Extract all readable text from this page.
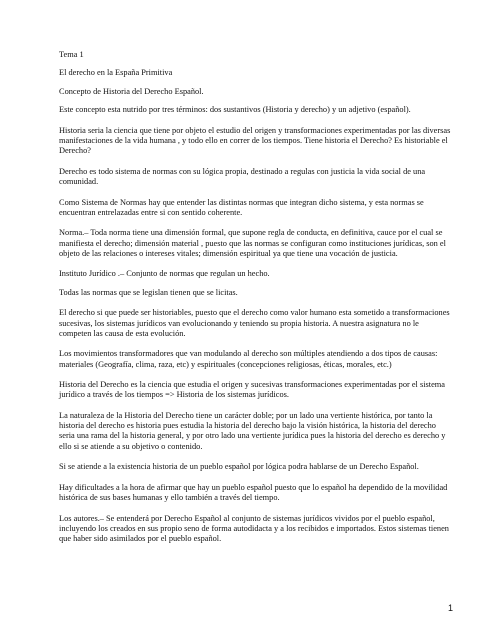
Tema 1

El derecho en la España Primitiva

Concepto de Historia del Derecho Español.

Este concepto esta nutrido por tres términos: dos sustantivos (Historia y derecho) y un adjetivo (español).

Historia seria la ciencia que tiene por objeto el estudio del origen y transformaciones experimentadas por las diversas manifestaciones de la vida humana , y todo ello en correr de los tiempos. Tiene historia el Derecho? Es historiable el Derecho?

Derecho es todo sistema de normas con su lógica propia, destinado a regulas con justicia la vida social de una comunidad.

Como Sistema de Normas hay que entender las distintas normas que integran dicho sistema, y esta normas se encuentran entrelazadas entre si con sentido coherente.

Norma.– Toda norma tiene una dimensión formal, que supone regla de conducta, en definitiva, cauce por el cual se manifiesta el derecho; dimensión material , puesto que las normas se configuran como instituciones jurídicas, son el objeto de las relaciones o intereses vitales; dimensión espiritual ya que tiene una vocación de justicia.

Instituto Jurídico .– Conjunto de normas que regulan un hecho.

Todas las normas que se legislan tienen que se licitas.

El derecho si que puede ser historiables, puesto que el derecho como valor humano esta sometido a transformaciones sucesivas, los sistemas jurídicos van evolucionando y teniendo su propia historia. A nuestra asignatura no le competen las causa de esta evolución.

Los movimientos transformadores que van modulando al derecho son múltiples atendiendo a dos tipos de causas: materiales (Geografía, clima, raza, etc) y espirituales (concepciones religiosas, éticas, morales, etc.)

Historia del Derecho es la ciencia que estudia el origen y sucesivas transformaciones experimentadas por el sistema jurídico a través de los tiempos => Historia de los sistemas jurídicos.

La naturaleza de la Historia del Derecho tiene un carácter doble; por un lado una vertiente histórica, por tanto la historia del derecho es historia pues estudia la historia del derecho bajo la visión histórica, la historia del derecho seria una rama del la historia general, y por otro lado una vertiente jurídica pues la historia del derecho es derecho y ello si se atiende a su objetivo o contenido.

Si se atiende a la existencia historia de un pueblo español por lógica podra hablarse de un Derecho Español.

Hay dificultades a la hora de afirmar que hay un pueblo español puesto que lo español ha dependido de la movilidad histórica de sus bases humanas y ello también a través del tiempo.

Los autores.– Se entenderá por Derecho Español al conjunto de sistemas jurídicos vividos por el pueblo español, incluyendo los creados en sus propio seno de forma autodidacta y a los recibidos e importados. Estos sistemas tienen que haber sido asimilados por el pueblo español.

1
